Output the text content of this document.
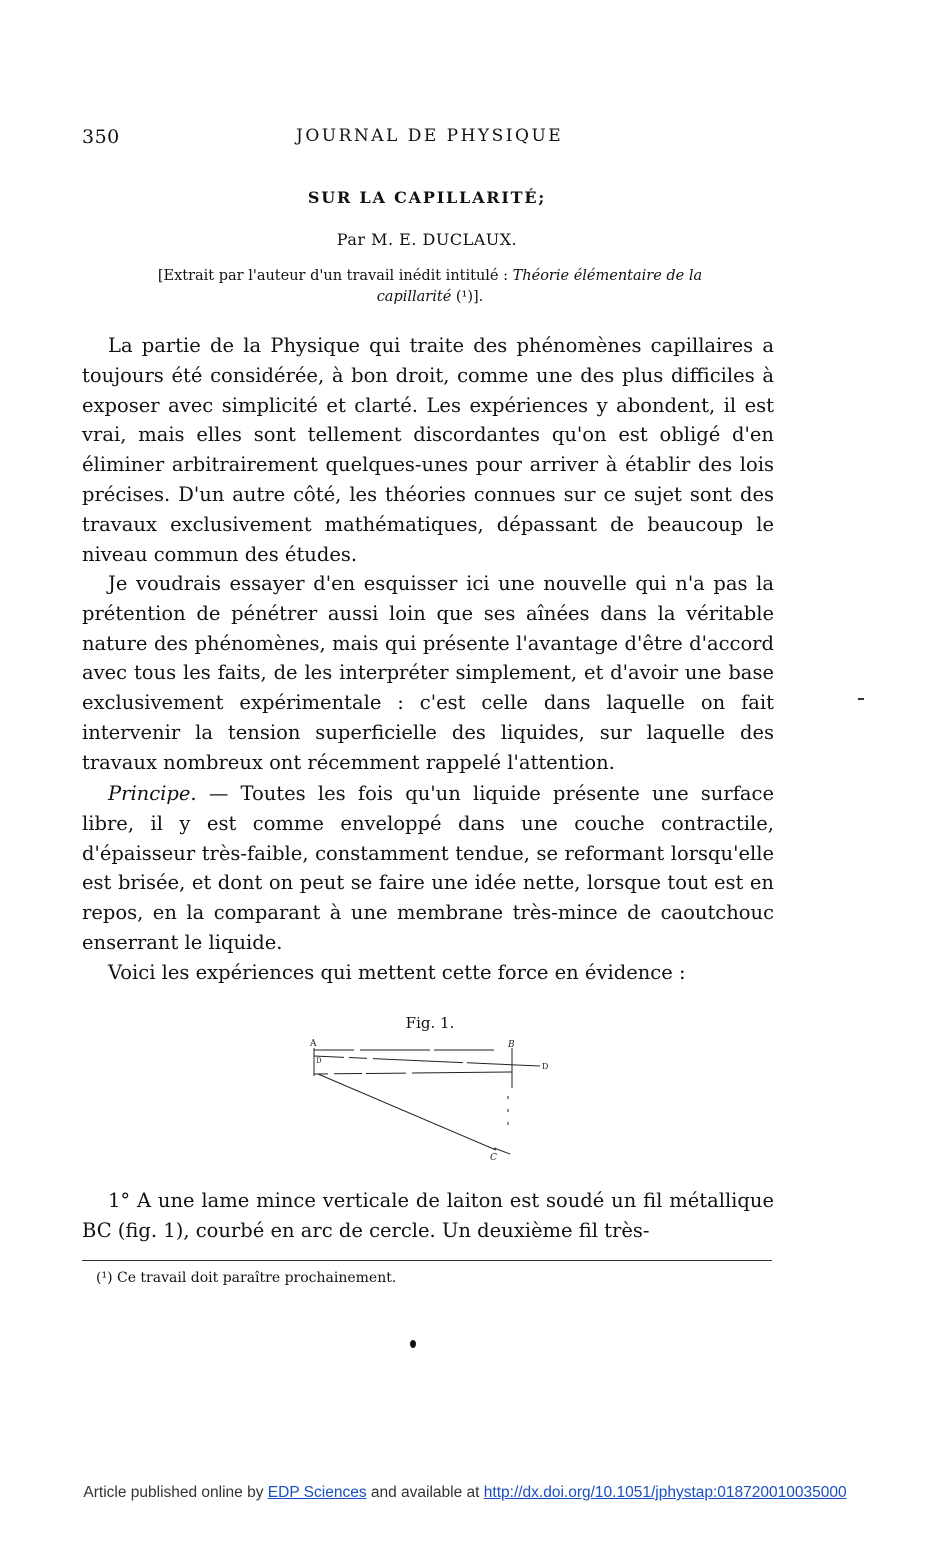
350	JOURNAL DE PHYSIQUE
SUR LA CAPILLARITÉ;
Par M. E. DUCLAUX.
[Extrait par l'auteur d'un travail inédit intitulé : Théorie élémentaire de la capillarité (¹)].

La partie de la Physique qui traite des phénomènes capillaires a toujours été considérée, à bon droit, comme une des plus difficiles à exposer avec simplicité et clarté. Les expériences y abondent, il est vrai, mais elles sont tellement discordantes qu'on est obligé d'en éliminer arbitrairement quelques-unes pour arriver à établir des lois précises. D'un autre côté, les théories connues sur ce sujet sont des travaux exclusivement mathématiques, dépassant de beaucoup le niveau commun des études.

Je voudrais essayer d'en esquisser ici une nouvelle qui n'a pas la prétention de pénétrer aussi loin que ses aînées dans la véritable nature des phénomènes, mais qui présente l'avantage d'être d'accord avec tous les faits, de les interpréter simplement, et d'avoir une base exclusivement expérimentale : c'est celle dans laquelle on fait intervenir la tension superficielle des liquides, sur laquelle des travaux nombreux ont récemment rappelé l'attention.

Principe. — Toutes les fois qu'un liquide présente une surface libre, il y est comme enveloppé dans une couche contractile, d'épaisseur très-faible, constamment tendue, se reformant lorsqu'elle est brisée, et dont on peut se faire une idée nette, lorsque tout est en repos, en la comparant à une membrane très-mince de caoutchouc enserrant le liquide.

Voici les expériences qui mettent cette force en évidence :

Fig. 1.
A	B
D
D
C

1° A une lame mince verticale de laiton est soudé un fil métallique BC (fig. 1), courbé en arc de cercle. Un deuxième fil très-

(¹) Ce travail doit paraître prochainement.
Article published online by EDP Sciences and available at http://dx.doi.org/10.1051/jphystap:018720010035000
